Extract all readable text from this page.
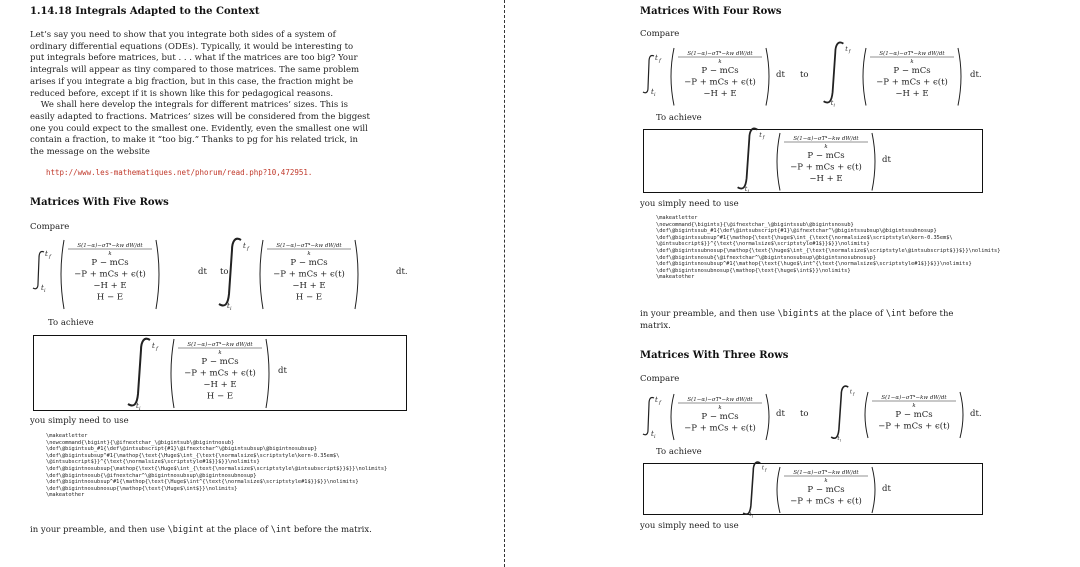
1.14.18 Integrals Adapted to the Context
Let’s say you need to show that you integrate both sides of a system of
ordinary differential equations (ODEs). Typically, it would be interesting to
put integrals before matrices, but . . . what if the matrices are too big? Your
integrals will appear as tiny compared to those matrices. The same problem
arises if you integrate a big fraction, but in this case, the fraction might be
reduced before, except if it is shown like this for pedagogical reasons.
We shall here develop the integrals for different matrices’ sizes. This is
easily adapted to fractions. Matrices’ sizes will be considered from the biggest
one you could expect to the smallest one. Evidently, even the smallest one will
contain a fraction, to make it “too big.” Thanks to pg for his related trick, in
the message on the website
http://www.les-mathematiques.net/phorum/read.php?10,472951.
Matrices With Five Rows
Compare
t f
t i
S(1−α)−σT⁴−kw dW/dt
k
P − mCs
−P + mCs + ϵ(t)
−H + E
H − E
dt to
t f
t i
S(1−α)−σT⁴−kw dW/dt
k
P − mCs
−P + mCs + ϵ(t)
−H + E
H − E
dt.
To achieve
t f
t i
S(1−α)−σT⁴−kw dW/dt
k
P − mCs
−P + mCs + ϵ(t)
−H + E
H − E
dt
you simply need to use
\makeatletter
\newcommand{\bigint}{\@ifnextchar_\@bigintsub\@bigintnosub}
\def\@bigintsub_#1{\def\@intsubscript{#1}\@ifnextchar^\@bigintsubsup\@bigintnosubsup}
\def\@bigintsubsup^#1{\mathop{\text{\Huge$\int_{\text{\normalsize$\scriptstyle\kern-0.35em$\
\@intsubscript$}}^{\text{\normalsize$\scriptstyle#1$}}$}}\nolimits}
\def\@bigintnosubsup{\mathop{\text{\Huge$\int_{\text{\normalsize$\scriptstyle\@intsubscript$}}$}}\nolimits}
\def\@bigintnosub{\@ifnextchar^\@bigintnosubsup\@bigintnosubnosup}
\def\@bigintnosubsup^#1{\mathop{\text{\Huge$\int^{\text{\normalsize$\scriptstyle#1$}}$}}\nolimits}
\def\@bigintnosubnosup{\mathop{\text{\Huge$\int$}}\nolimits}
\makeatother
in your preamble, and then use \bigint at the place of \int before the matrix.
Matrices With Four Rows
Compare
t f
t i
S(1−α)−σT⁴−kw dW/dt
k
P − mCs
−P + mCs + ϵ(t)
−H + E
dt to
t f
t i
S(1−α)−σT⁴−kw dW/dt
k
P − mCs
−P + mCs + ϵ(t)
−H + E
dt.
To achieve
t f
t i
S(1−α)−σT⁴−kw dW/dt
k
P − mCs
−P + mCs + ϵ(t)
−H + E
dt
you simply need to use
\makeatletter
\newcommand{\bigints}{\@ifnextchar_\@bigintssub\@bigintsnosub}
\def\@bigintssub_#1{\def\@intsubscript{#1}\@ifnextchar^\@bigintssubsup\@bigintssubnosup}
\def\@bigintssubsup^#1{\mathop{\text{\huge$\int_{\text{\normalsize$\scriptstyle\kern-0.35em$\
\@intsubscript$}}^{\text{\normalsize$\scriptstyle#1$}}$}}\nolimits}
\def\@bigintssubnosup{\mathop{\text{\huge$\int_{\text{\normalsize$\scriptstyle\@intsubscript$}}$}}\nolimits}
\def\@bigintsnosub{\@ifnextchar^\@bigintsnosubsup\@bigintsnosubnosup}
\def\@bigintsnosubsup^#1{\mathop{\text{\huge$\int^{\text{\normalsize$\scriptstyle#1$}}$}}\nolimits}
\def\@bigintsnosubnosup{\mathop{\text{\huge$\int$}}\nolimits}
\makeatother
in your preamble, and then use \bigints at the place of \int before the
matrix.
Matrices With Three Rows
Compare
t f
t i
S(1−α)−σT⁴−kw dW/dt
k
P − mCs
−P + mCs + ϵ(t)
dt to
t f
t i
S(1−α)−σT⁴−kw dW/dt
k
P − mCs
−P + mCs + ϵ(t)
dt.
To achieve
t f
t i
S(1−α)−σT⁴−kw dW/dt
k
P − mCs
−P + mCs + ϵ(t)
dt
you simply need to use
